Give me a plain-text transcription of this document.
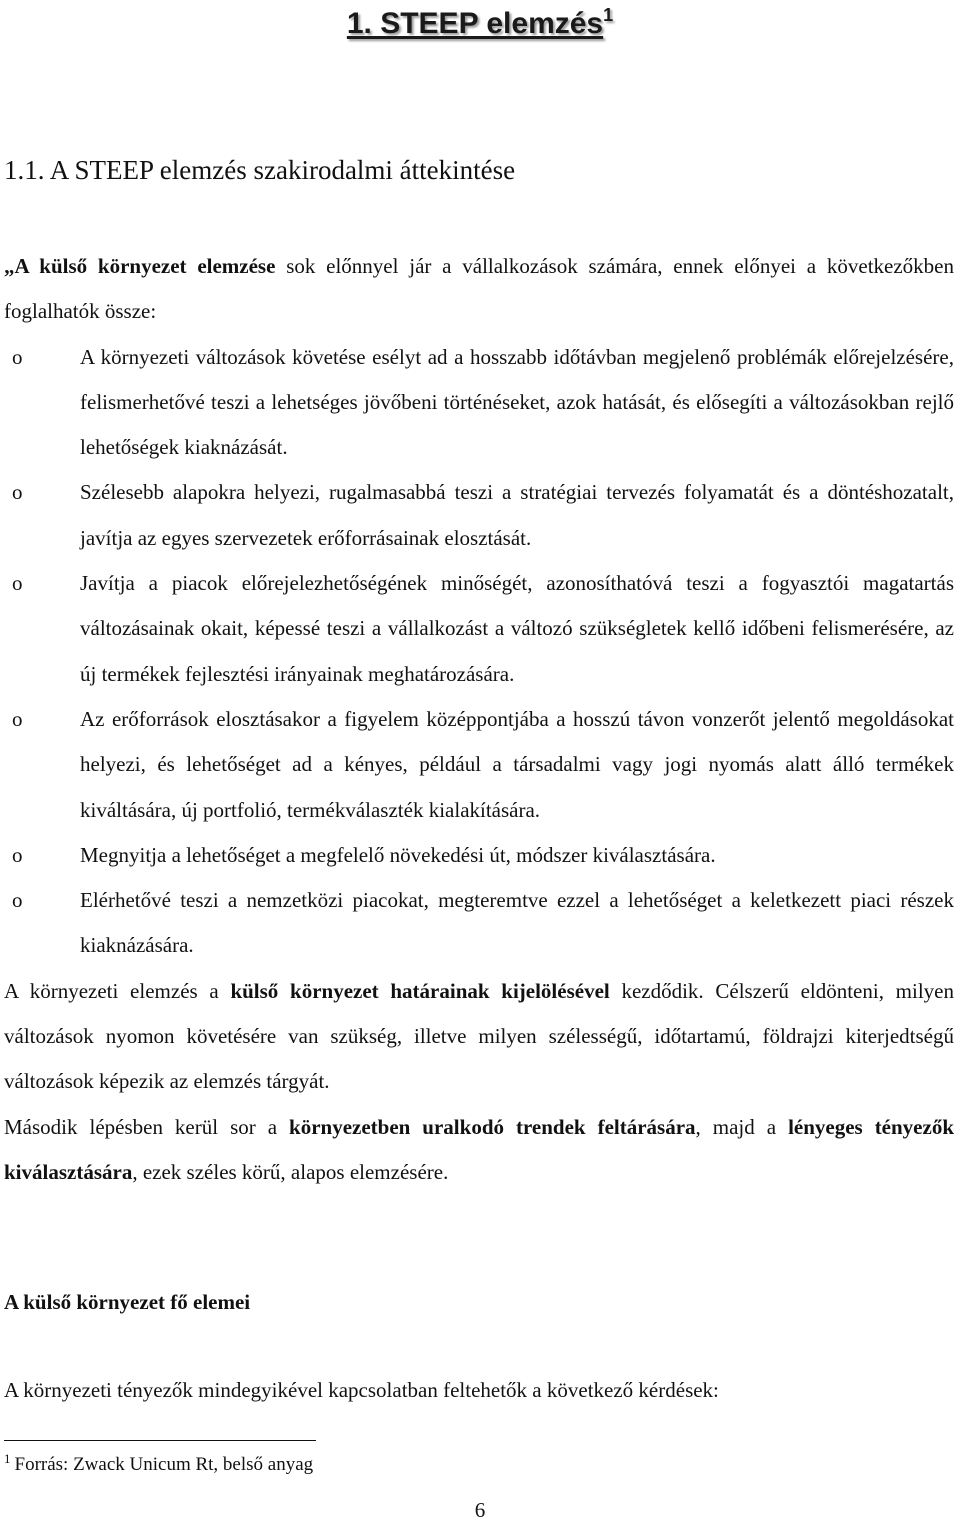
1. STEEP elemzés$^1$
1.1. A STEEP elemzés szakirodalmi áttekintése
„A külső környezet elemzése sok előnnyel jár a vállalkozások számára, ennek előnyei a következőkben foglalhatók össze:
o	A környezeti változások követése esélyt ad a hosszabb időtávban megjelenő problémák előrejelzésére, felismerhetővé teszi a lehetséges jövőbeni történéseket, azok hatását, és elősegíti a változásokban rejlő lehetőségek kiaknázását.
o	Szélesebb alapokra helyezi, rugalmasabbá teszi a stratégiai tervezés folyamatát és a döntéshozatalt, javítja az egyes szervezetek erőforrásainak elosztását.
o	Javítja a piacok előrejelezhetőségének minőségét, azonosíthatóvá teszi a fogyasztói magatartás változásainak okait, képessé teszi a vállalkozást a változó szükségletek kellő időbeni felismerésére, az új termékek fejlesztési irányainak meghatározására.
o	Az erőforrások elosztásakor a figyelem középpontjába a hosszú távon vonzerőt jelentő megoldásokat helyezi, és lehetőséget ad a kényes, például a társadalmi vagy jogi nyomás alatt álló termékek kiváltására, új portfolió, termékválaszték kialakítására.
o	Megnyitja a lehetőséget a megfelelő növekedési út, módszer kiválasztására.
o	Elérhetővé teszi a nemzetközi piacokat, megteremtve ezzel a lehetőséget a keletkezett piaci részek kiaknázására.
A környezeti elemzés a külső környezet határainak kijelölésével kezdődik. Célszerű eldönteni, milyen változások nyomon követésére van szükség, illetve milyen szélességű, időtartamú, földrajzi kiterjedtségű változások képezik az elemzés tárgyát.
Második lépésben kerül sor a környezetben uralkodó trendek feltárására, majd a lényeges tényezők kiválasztására, ezek széles körű, alapos elemzésére.
A külső környezet fő elemei
A környezeti tényezők mindegyikével kapcsolatban feltehetők a következő kérdések:
$^1$ Forrás: Zwack Unicum Rt, belső anyag
6
